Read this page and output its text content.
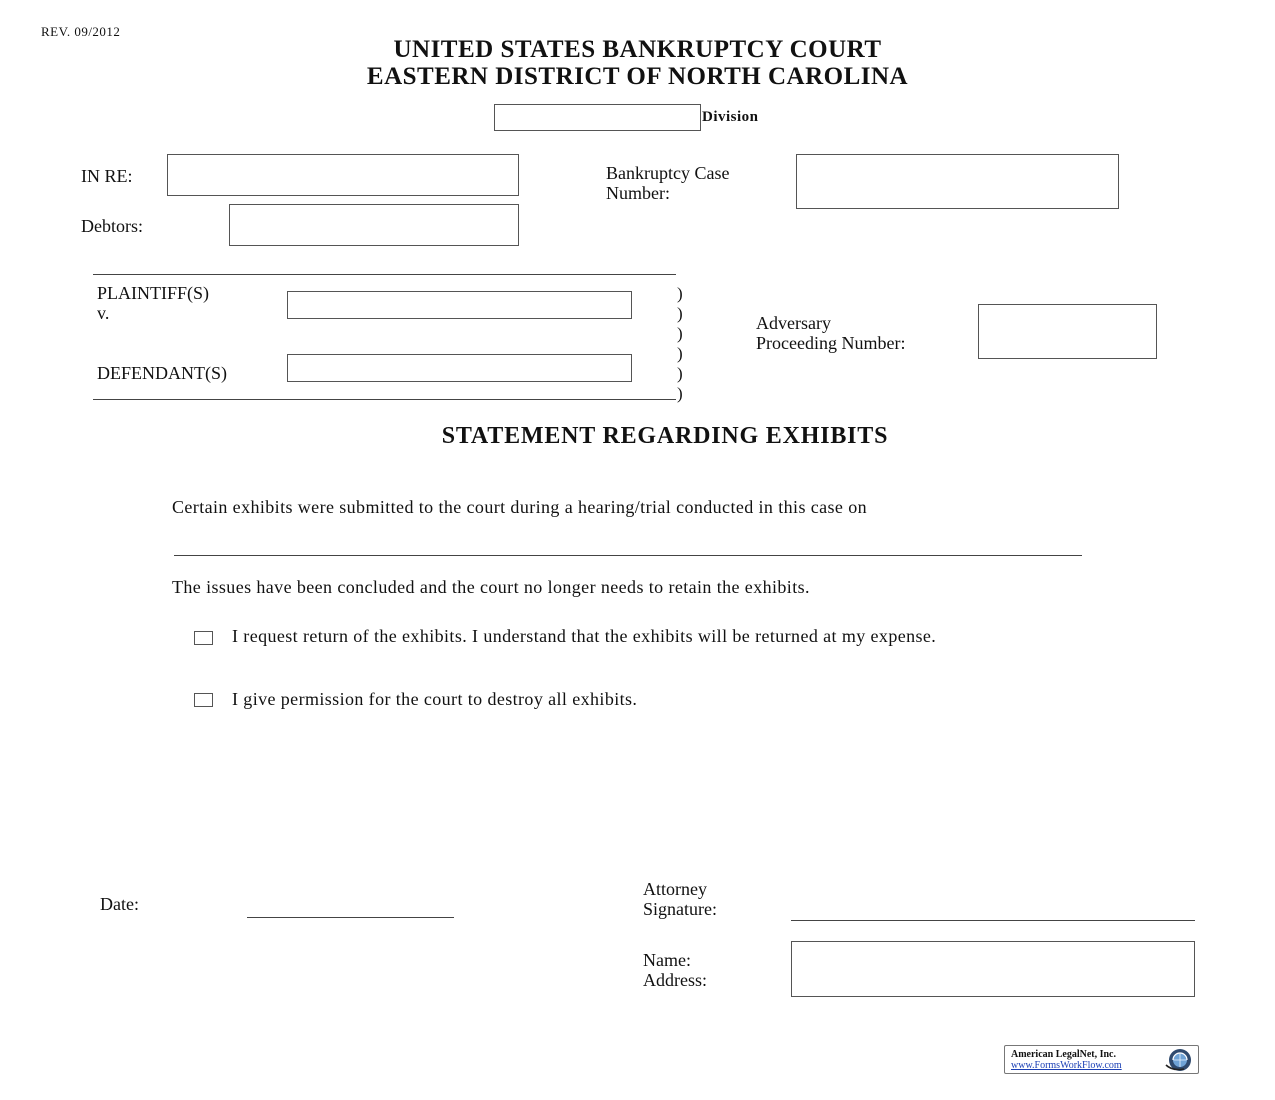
REV. 09/2012
UNITED STATES BANKRUPTCY COURT
EASTERN DISTRICT OF NORTH CAROLINA
Division
IN RE:
Debtors:
Bankruptcy Case
Number:
PLAINTIFF(S)
v.
DEFENDANT(S)
)
)
)
)
)
)
Adversary
Proceeding Number:
STATEMENT REGARDING EXHIBITS
Certain exhibits were submitted to the court during a hearing/trial conducted in this case on
The issues have been concluded and the court no longer needs to retain the exhibits.
I request return of the exhibits. I understand that the exhibits will be returned at my expense.
I give permission for the court to destroy all exhibits.
Date:
Attorney
Signature:
Name:
Address:
American LegalNet, Inc.
www.FormsWorkFlow.com
